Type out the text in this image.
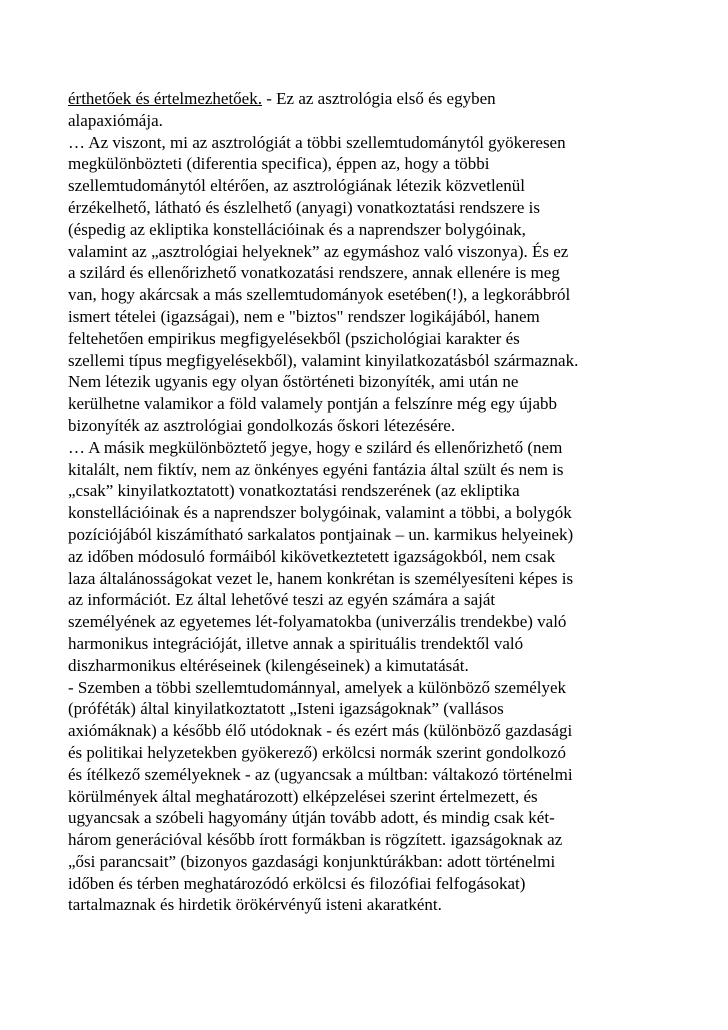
érthetőek és értelmezhetőek. - Ez az asztrológia első és egyben
alapaxiómája.
… Az viszont, mi az asztrológiát a többi szellemtudománytól gyökeresen
megkülönbözteti (diferentia specifica), éppen az, hogy a többi
szellemtudománytól eltérően, az asztrológiának létezik közvetlenül
érzékelhető, látható és észlelhető (anyagi) vonatkoztatási rendszere is
(éspedig az ekliptika konstellációinak és a naprendszer bolygóinak,
valamint az „asztrológiai helyeknek” az egymáshoz való viszonya). És ez
a szilárd és ellenőrizhető vonatkozatási rendszere, annak ellenére is meg
van, hogy akárcsak a más szellemtudományok esetében(!), a legkorábbról
ismert tételei (igazságai), nem e "biztos" rendszer logikájából, hanem
feltehetően empirikus megfigyelésekből (pszichológiai karakter és
szellemi típus megfigyelésekből), valamint kinyilatkozatásból származnak.
Nem létezik ugyanis egy olyan őstörténeti bizonyíték, ami után ne
kerülhetne valamikor a föld valamely pontján a felszínre még egy újabb
bizonyíték az asztrológiai gondolkozás őskori létezésére.
… A másik megkülönböztető jegye, hogy e szilárd és ellenőrizhető (nem
kitalált, nem fiktív, nem az önkényes egyéni fantázia által szült és nem is
„csak” kinyilatkoztatott) vonatkoztatási rendszerének (az ekliptika
konstellációinak és a naprendszer bolygóinak, valamint a többi, a bolygók
pozíciójából kiszámítható sarkalatos pontjainak – un. karmikus helyeinek)
az időben módosuló formáiból kikövetkeztetett igazságokból, nem csak
laza általánosságokat vezet le, hanem konkrétan is személyesíteni képes is
az információt. Ez által lehetővé teszi az egyén számára a saját
személyének az egyetemes lét-folyamatokba (univerzális trendekbe) való
harmonikus integrációját, illetve annak a spirituális trendektől való
diszharmonikus eltéréseinek (kilengéseinek) a kimutatását.
- Szemben a többi szellemtudománnyal, amelyek a különböző személyek
(próféták) által kinyilatkoztatott „Isteni igazságoknak” (vallásos
axiómáknak) a később élő utódoknak - és ezért más (különböző gazdasági
és politikai helyzetekben gyökerező) erkölcsi normák szerint gondolkozó
és ítélkező személyeknek - az (ugyancsak a múltban: váltakozó történelmi
körülmények által meghatározott) elképzelései szerint értelmezett, és
ugyancsak a szóbeli hagyomány útján tovább adott, és mindig csak két-
három generációval később írott formákban is rögzített. igazságoknak az
„ősi parancsait” (bizonyos gazdasági konjunktúrákban: adott történelmi
időben és térben meghatározódó erkölcsi és filozófiai felfogásokat)
tartalmaznak és hirdetik örökérvényű isteni akaratként.
